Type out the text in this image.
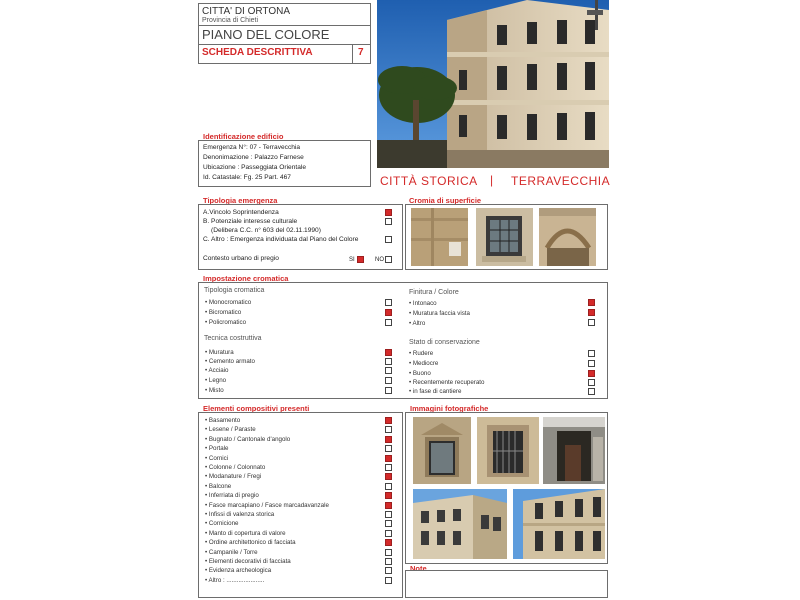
CITTA' DI ORTONA
Provincia di Chieti
PIANO DEL COLORE
SCHEDA DESCRITTIVA	7
CITTÀ STORICA | TERRAVECCHIA
Identificazione edificio
Emergenza N°: 07 - Terravecchia
Denonimazione : Palazzo Farnese
Ubicazione : Passeggiata Orientale
Id. Catastale: Fg. 25 Part. 467
Tipologia emergenza
A.Vincolo Soprintendenza
B. Potenziale interesse culturale
(Delibera C.C. n° 603 del 02.11.1990)
C. Altro : Emergenza individuata dal Piano del Colore
Contesto urbano di pregio	SI	NO
Cromia di superficie
Impostazione cromatica
Tipologia cromatica
• Monocromatico
• Bicromatico
• Policromatico
Tecnica costruttiva
• Muratura
• Cemento armato
• Acciaio
• Legno
• Misto
Finitura / Colore
• Intonaco
• Muratura faccia vista
• Altro
Stato di conservazione
• Rudere
• Mediocre
• Buono
• Recentemente recuperato
• in fase di cantiere
Elementi compositivi presenti
• Basamento
• Lesene / Paraste
• Bugnato / Cantonale d'angolo
• Portale
• Cornici
• Colonne / Colonnato
• Modanature / Fregi
• Balcone
• Inferriata di pregio
• Fasce marcapiano / Fasce marcadavanzale
• Infissi di valenza storica
• Cornicione
• Manto di copertura di valore
• Ordine architettonico di facciata
• Campanile / Torre
• Elementi decorativi di facciata
• Evidenza archeologica
• Altro : ......................
Immagini fotografiche
Note
